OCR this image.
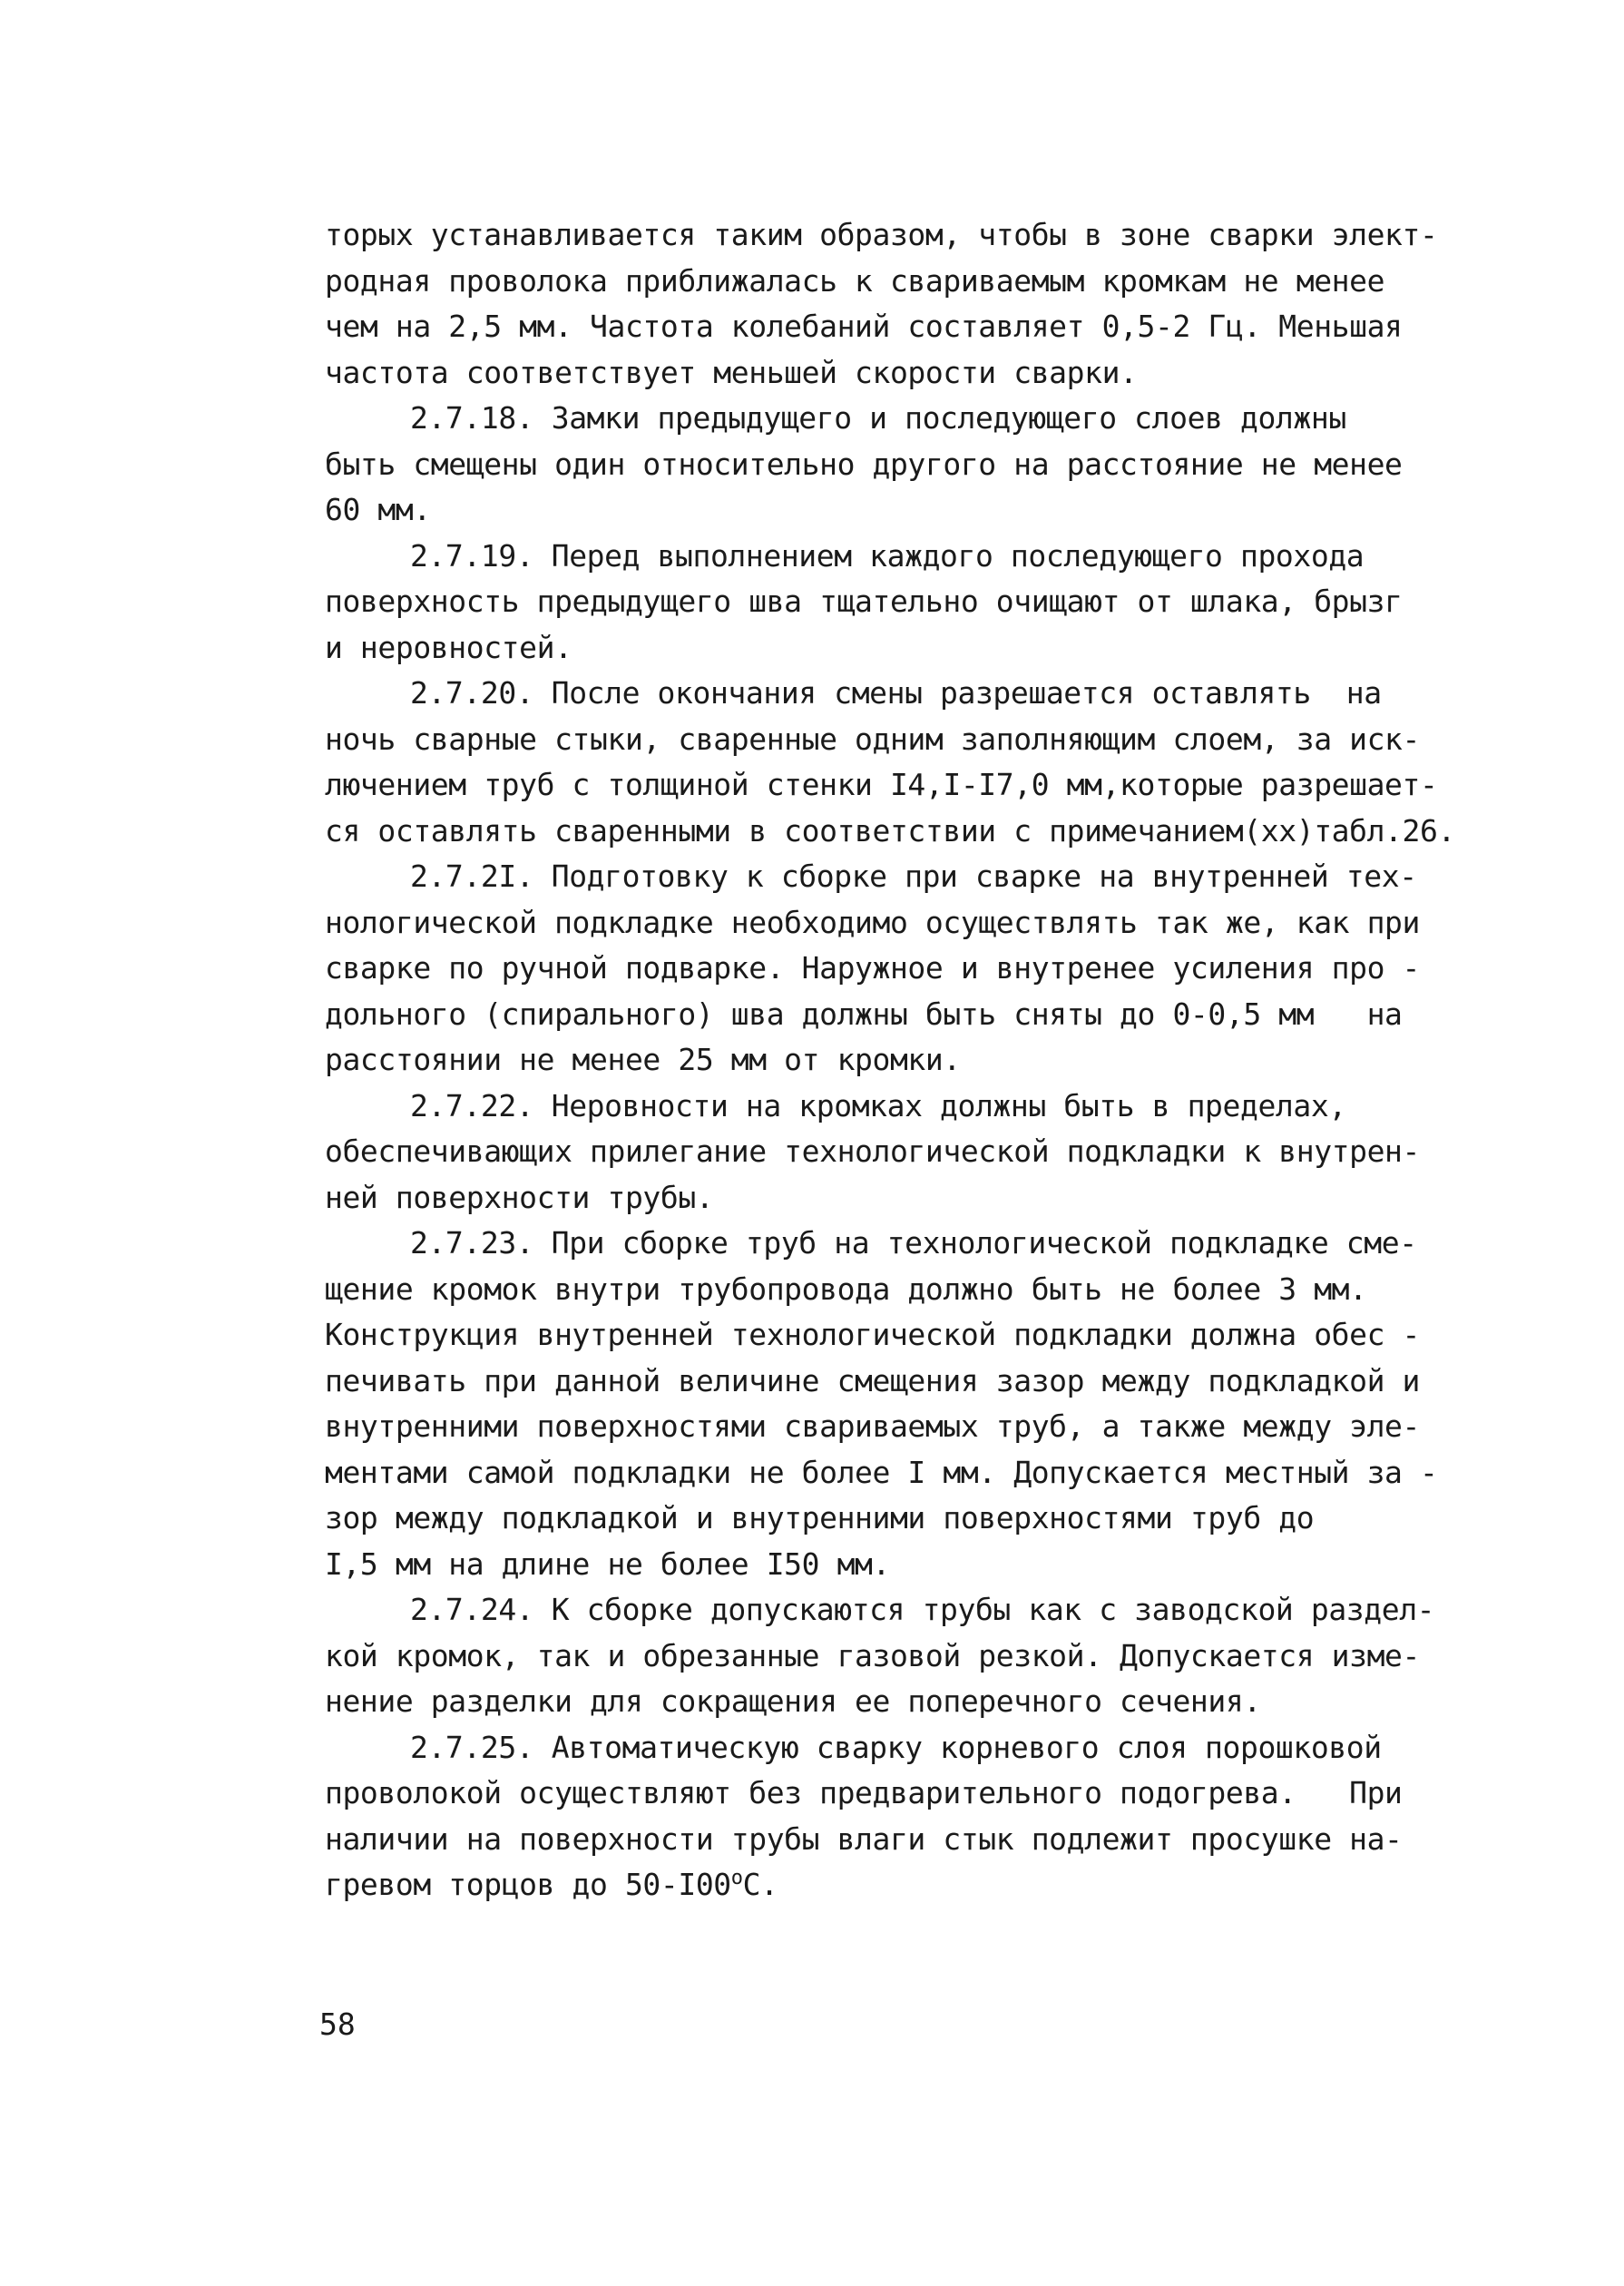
торых устанавливается таким образом, чтобы в зоне сварки элект-
родная проволока приближалась к свариваемым кромкам не менее
чем на 2,5 мм. Частота колебаний составляет 0,5-2 Гц. Меньшая
частота соответствует меньшей скорости сварки.
2.7.18. Замки предыдущего и последующего слоев должны
быть смещены один относительно другого на расстояние не менее
60 мм.
2.7.19. Перед выполнением каждого последующего прохода
поверхность предыдущего шва тщательно очищают от шлака, брызг
и неровностей.
2.7.20. После окончания смены разрешается оставлять  на
ночь сварные стыки, сваренные одним заполняющим слоем, за иск-
лючением труб с толщиной стенки I4,I-I7,0 мм,которые разрешает-
ся оставлять сваренными в соответствии с примечанием(хх)табл.26.
2.7.2I. Подготовку к сборке при сварке на внутренней тех-
нологической подкладке необходимо осуществлять так же, как при
сварке по ручной подварке. Наружное и внутренее усиления про -
дольного (спирального) шва должны быть сняты до 0-0,5 мм   на
расстоянии не менее 25 мм от кромки.
2.7.22. Неровности на кромках должны быть в пределах,
обеспечивающих прилегание технологической подкладки к внутрен-
ней поверхности трубы.
2.7.23. При сборке труб на технологической подкладке сме-
щение кромок внутри трубопровода должно быть не более 3 мм.
Конструкция внутренней технологической подкладки должна обес -
печивать при данной величине смещения зазор между подкладкой и
внутренними поверхностями свариваемых труб, а также между эле-
ментами самой подкладки не более I мм. Допускается местный за -
зор между подкладкой и внутренними поверхностями труб до
I,5 мм на длине не более I50 мм.
2.7.24. К сборке допускаются трубы как с заводской раздел-
кой кромок, так и обрезанные газовой резкой. Допускается изме-
нение разделки для сокращения ее поперечного сечения.
2.7.25. Автоматическую сварку корневого слоя порошковой
проволокой осуществляют без предварительного подогрева.   При
наличии на поверхности трубы влаги стык подлежит просушке на-
гревом торцов до 50-I00$^o$C.
58
